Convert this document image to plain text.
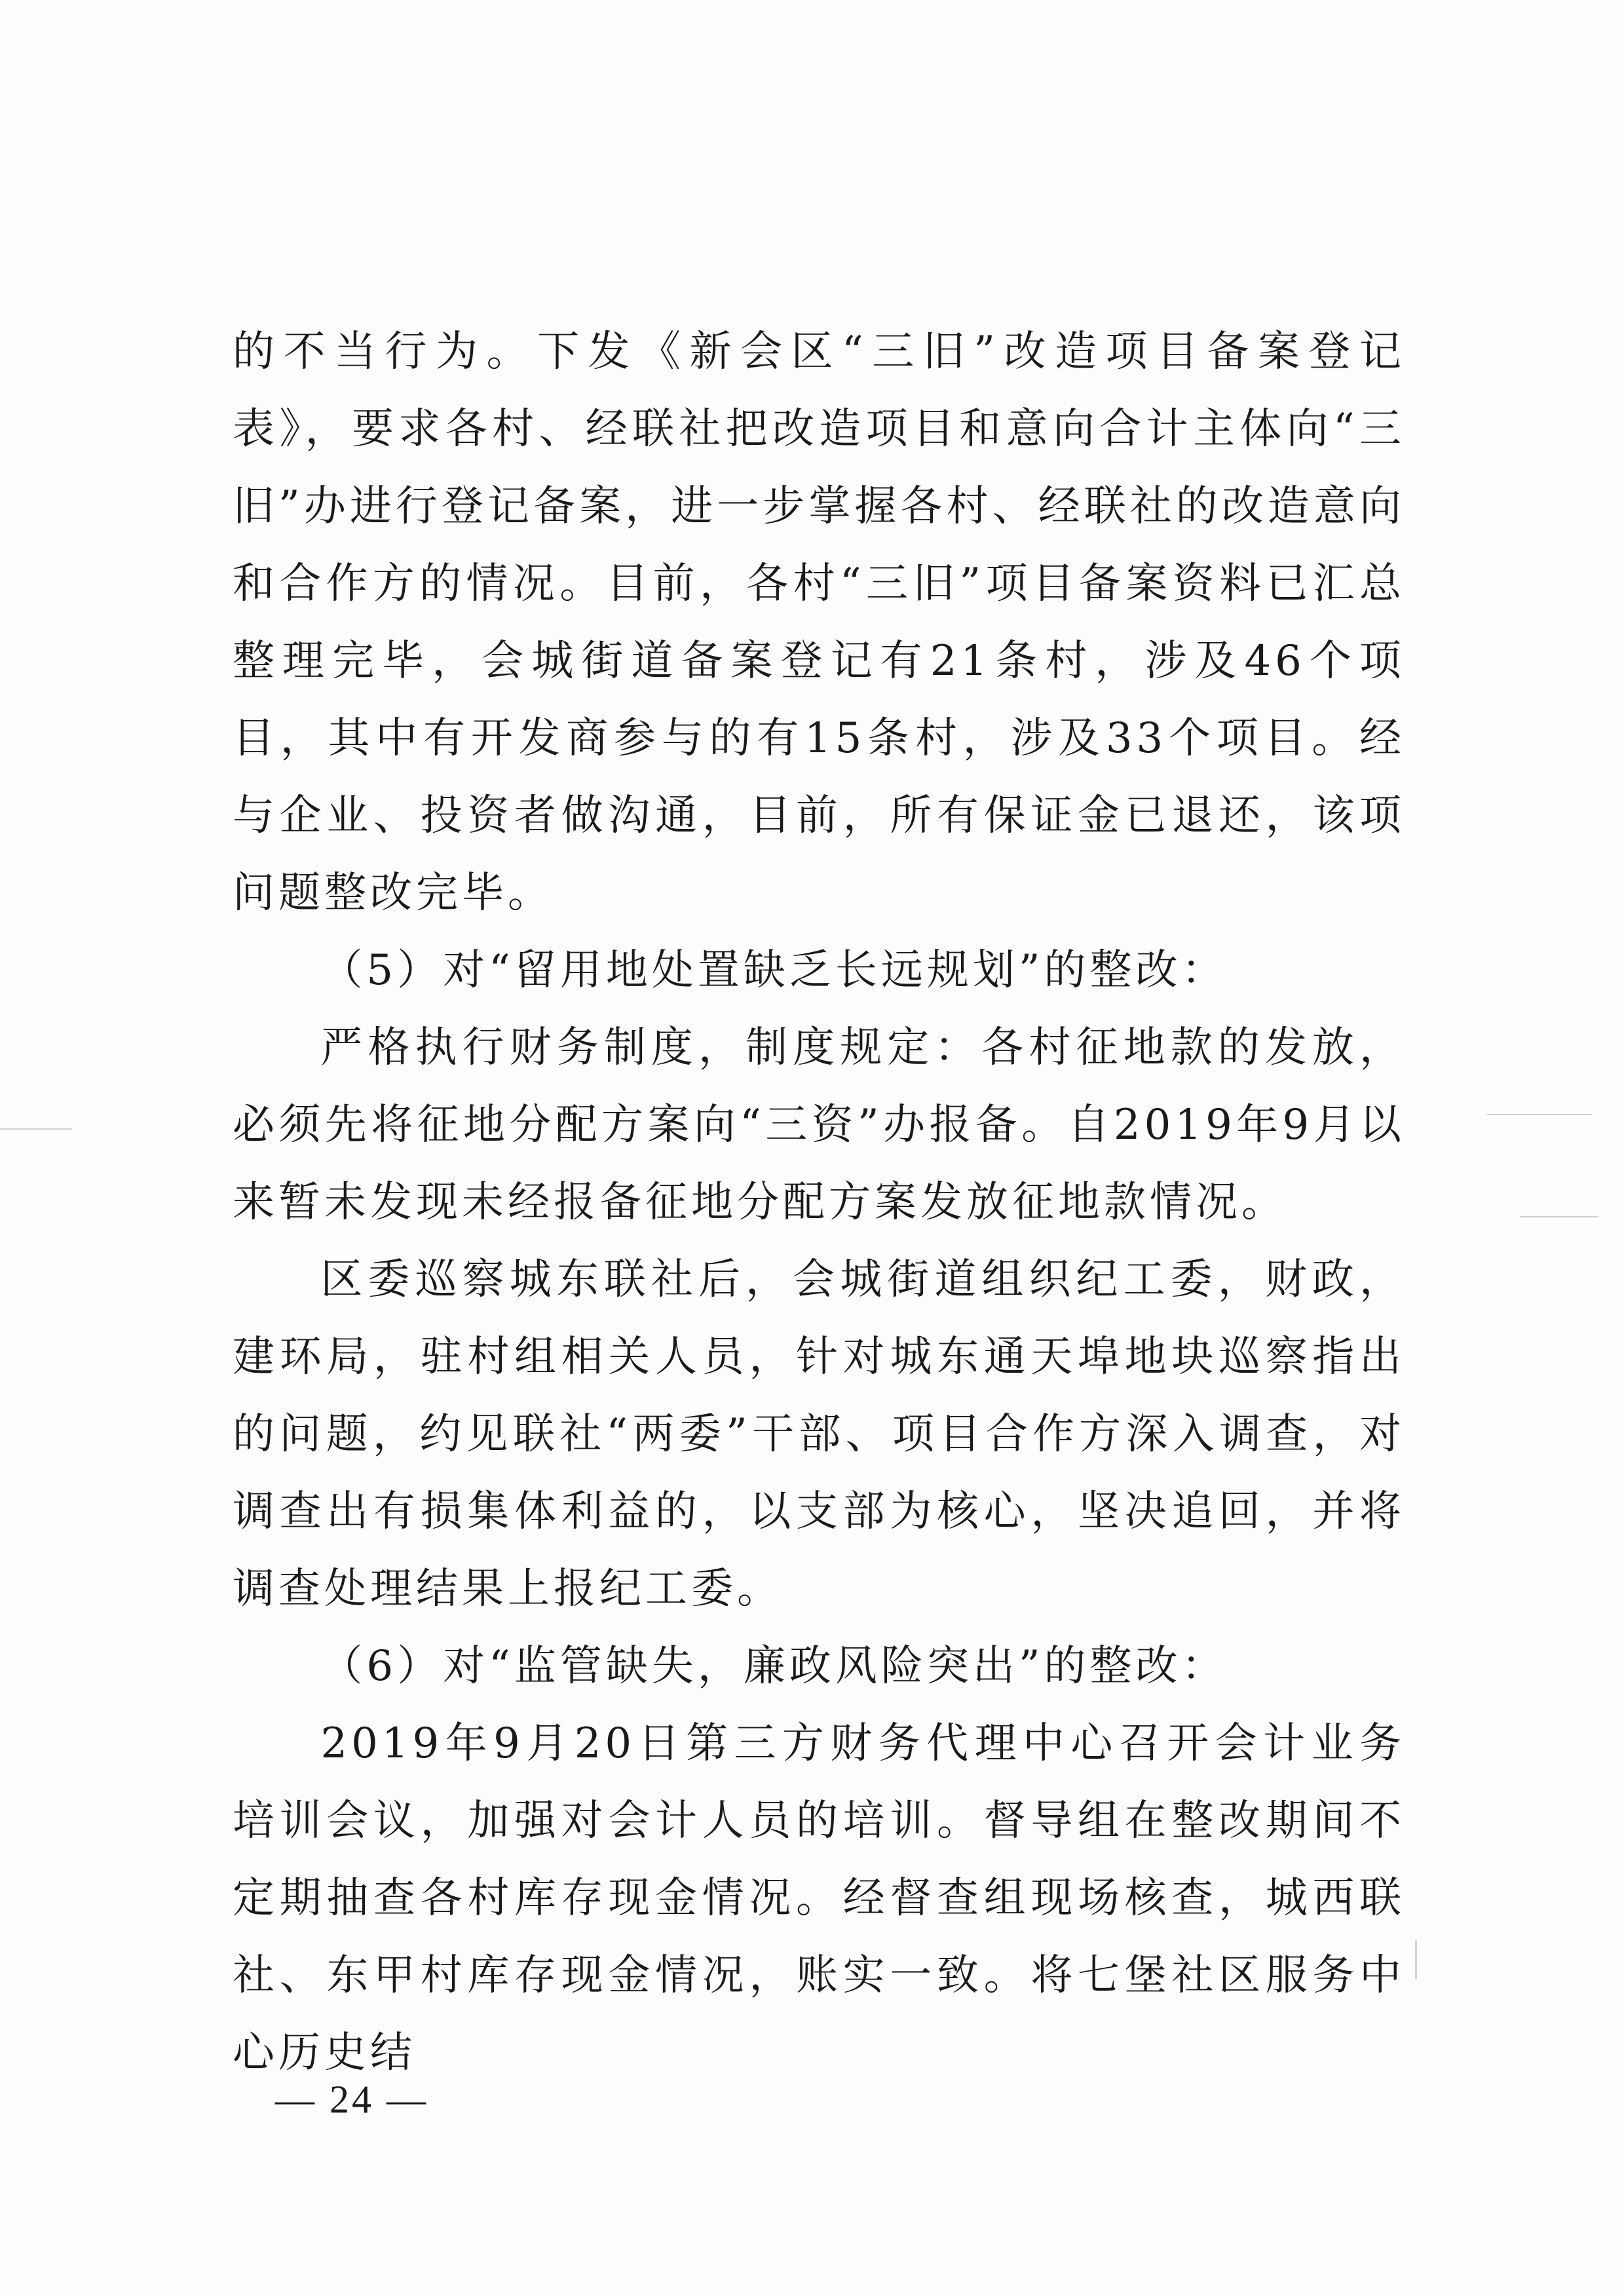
的不当行为。下发《新会区“三旧”改造项目备案登记表》，要求各村、经联社把改造项目和意向合计主体向“三旧”办进行登记备案，进一步掌握各村、经联社的改造意向和合作方的情况。目前，各村“三旧”项目备案资料已汇总整理完毕，会城街道备案登记有21条村，涉及46个项目，其中有开发商参与的有15条村，涉及33个项目。经与企业、投资者做沟通，目前，所有保证金已退还，该项问题整改完毕。

（5）对“留用地处置缺乏长远规划”的整改：

严格执行财务制度，制度规定：各村征地款的发放，必须先将征地分配方案向“三资”办报备。自2019年9月以来暂未发现未经报备征地分配方案发放征地款情况。

区委巡察城东联社后，会城街道组织纪工委，财政，建环局，驻村组相关人员，针对城东通天埠地块巡察指出的问题，约见联社“两委”干部、项目合作方深入调查，对调查出有损集体利益的，以支部为核心，坚决追回，并将调查处理结果上报纪工委。

（6）对“监管缺失，廉政风险突出”的整改：

2019年9月20日第三方财务代理中心召开会计业务培训会议，加强对会计人员的培训。督导组在整改期间不定期抽查各村库存现金情况。经督查组现场核查，城西联社、东甲村库存现金情况，账实一致。将七堡社区服务中心历史结

— 24 —
